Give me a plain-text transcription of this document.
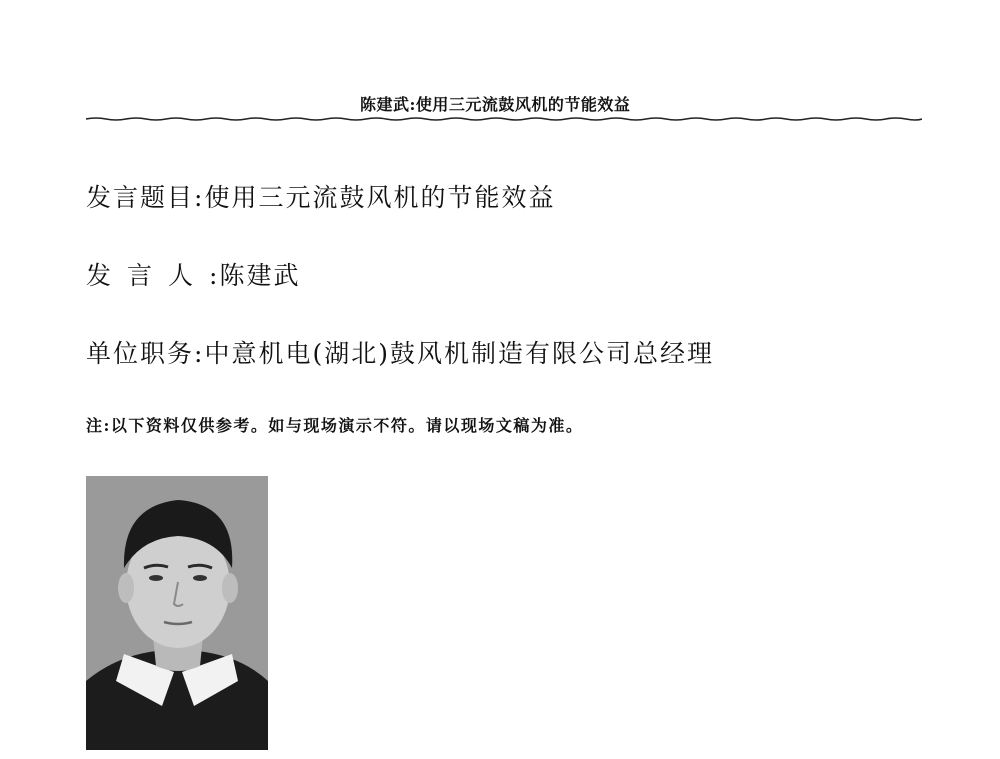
陈建武:使用三元流鼓风机的节能效益
发言题目:使用三元流鼓风机的节能效益
发言人:陈建武
单位职务:中意机电(湖北)鼓风机制造有限公司总经理
注:以下资料仅供参考。如与现场演示不符。请以现场文稿为准。
